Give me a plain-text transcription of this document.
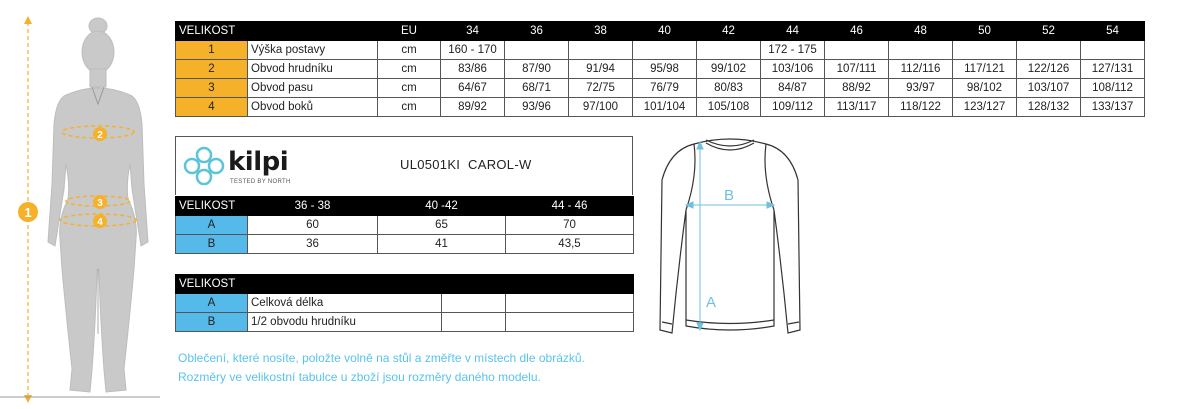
1
2
3
4
VELIKOST		EU	34	36	38	40	42	44	46	48	50	52	54
1	Výška postavy	cm	160 - 170					172 - 175					
2	Obvod hrudníku	cm	83/86	87/90	91/94	95/98	99/102	103/106	107/111	112/116	117/121	122/126	127/131
3	Obvod pasu	cm	64/67	68/71	72/75	76/79	80/83	84/87	88/92	93/97	98/102	103/107	108/112
4	Obvod boků	cm	89/92	93/96	97/100	101/104	105/108	109/112	113/117	118/122	123/127	128/132	133/137
kilpi
TESTED BY NORTH
UL0501KI  CAROL-W
VELIKOST	36 - 38	40 -42	44 - 46
A	60	65	70
B	36	41	43,5
VELIKOST			
A	Celková délka		
B	1/2 obvodu hrudníku		
B
A
Oblečení, které nosíte, položte volně na stůl a změřte v místech dle obrázků.
Rozměry ve velikostní tabulce u zboží jsou rozměry daného modelu.
